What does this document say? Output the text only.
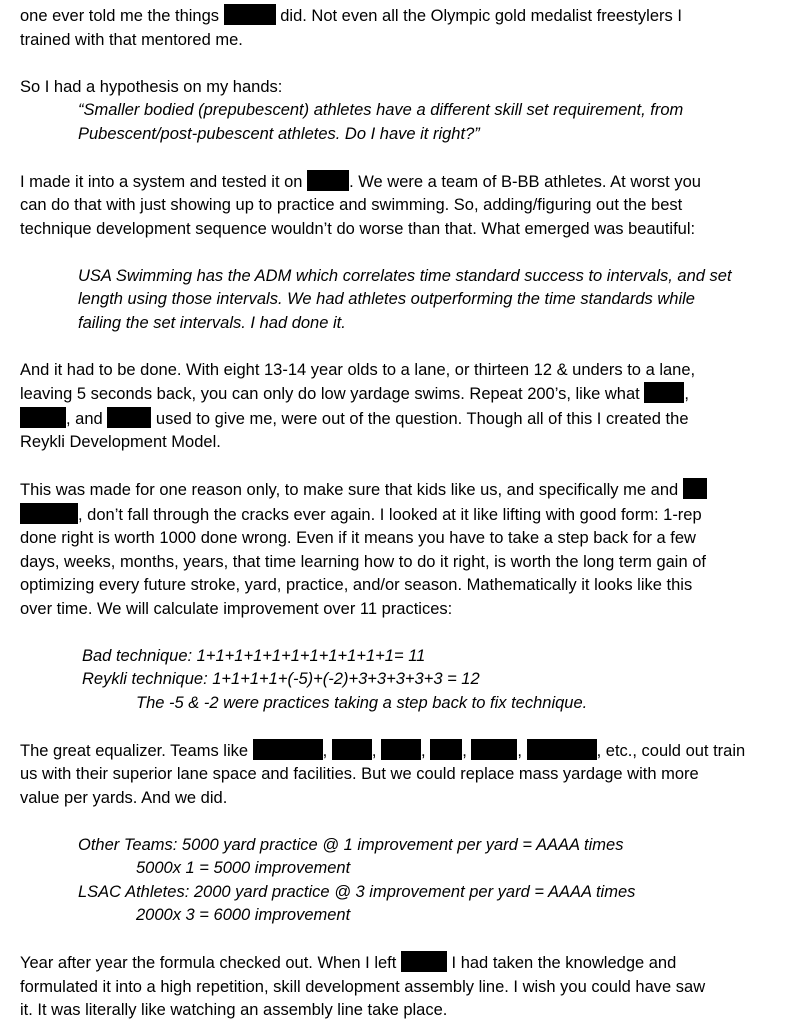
one ever told me the things	did. Not even all the Olympic gold medalist freestylers I
trained with that mentored me.

So I had a hypothesis on my hands:

“Smaller bodied (prepubescent) athletes have a different skill set requirement, from
Pubescent/post-pubescent athletes. Do I have it right?”

I made it into a system and tested it on	. We were a team of B-BB athletes. At worst you
can do that with just showing up to practice and swimming. So, adding/figuring out the best
technique development sequence wouldn’t do worse than that. What emerged was beautiful:

USA Swimming has the ADM which correlates time standard success to intervals, and set
length using those intervals. We had athletes outperforming the time standards while
failing the set intervals. I had done it.

And it had to be done. With eight 13-14 year olds to a lane, or thirteen 12 & unders to a lane,
leaving 5 seconds back, you can only do low yardage swims. Repeat 200’s, like what	,
, and	used to give me, were out of the question. Though all of this I created the
Reykli Development Model.

This was made for one reason only, to make sure that kids like us, and specifically me and
, don’t fall through the cracks ever again. I looked at it like lifting with good form: 1-rep
done right is worth 1000 done wrong. Even if it means you have to take a step back for a few
days, weeks, months, years, that time learning how to do it right, is worth the long term gain of
optimizing every future stroke, yard, practice, and/or season. Mathematically it looks like this
over time. We will calculate improvement over 11 practices:

Bad technique: 1+1+1+1+1+1+1+1+1+1+1= 11
Reykli technique: 1+1+1+1+(-5)+(-2)+3+3+3+3+3 = 12

The -5 & -2 were practices taking a step back to fix technique.

The great equalizer. Teams like	,	,	, ,	,	, etc., could out train
us with their superior lane space and facilities. But we could replace mass yardage with more
value per yards. And we did.

Other Teams: 5000 yard practice @ 1 improvement per yard = AAAA times

5000x 1 = 5000 improvement

LSAC Athletes: 2000 yard practice @ 3 improvement per yard = AAAA times

2000x 3 = 6000 improvement

Year after year the formula checked out. When I left	I had taken the knowledge and
formulated it into a high repetition, skill development assembly line. I wish you could have saw
it. It was literally like watching an assembly line take place.
